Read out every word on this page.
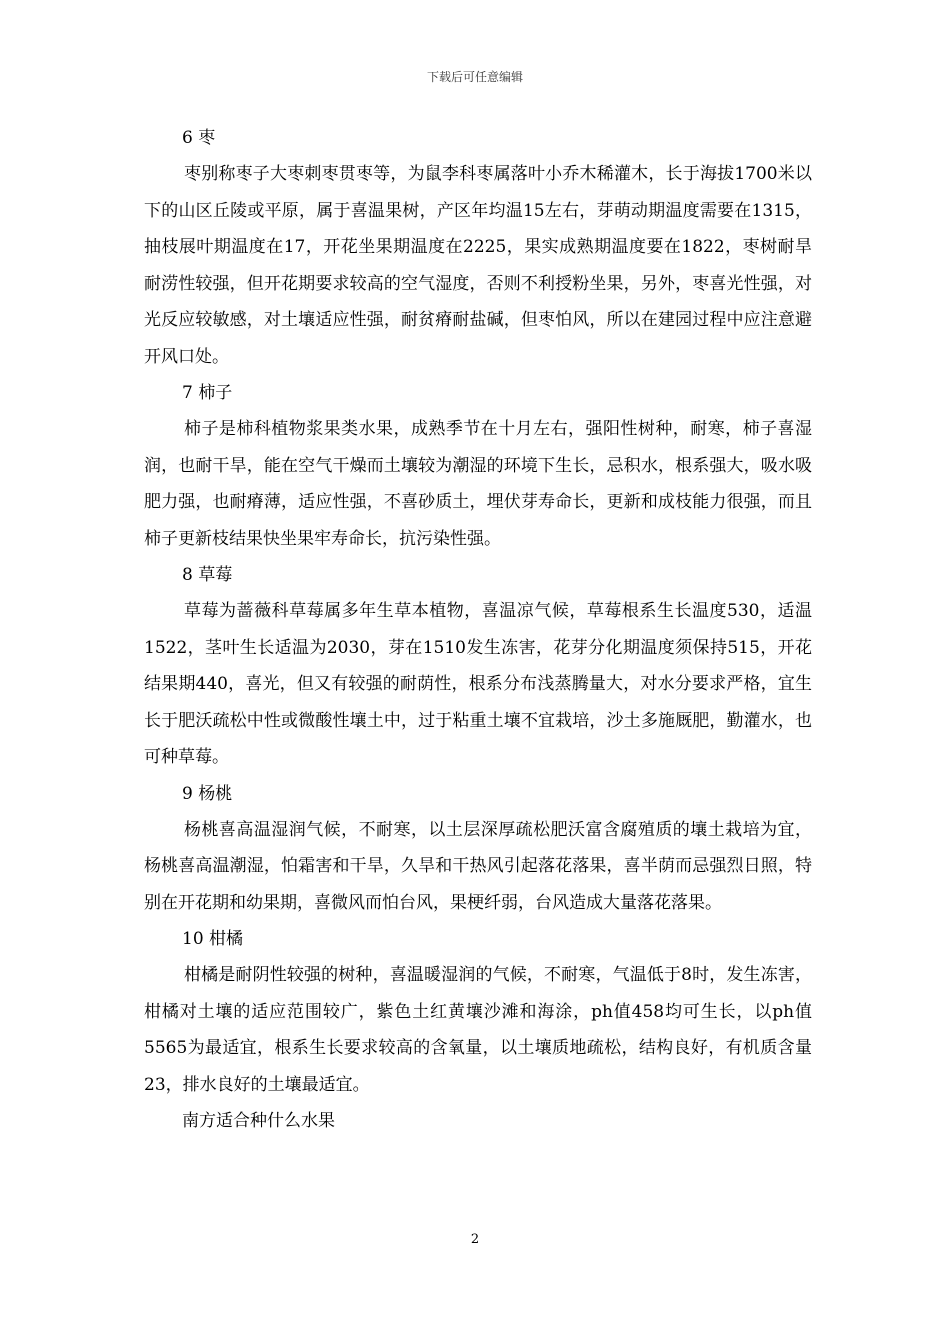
下载后可任意编辑
6 枣

枣别称枣子大枣刺枣贯枣等，为鼠李科枣属落叶小乔木稀灌木，长于海拔1700米以下的山区丘陵或平原，属于喜温果树，产区年均温15左右，芽萌动期温度需要在1315，抽枝展叶期温度在17，开花坐果期温度在2225，果实成熟期温度要在1822，枣树耐旱耐涝性较强，但开花期要求较高的空气湿度，否则不利授粉坐果，另外，枣喜光性强，对光反应较敏感，对土壤适应性强，耐贫瘠耐盐碱，但枣怕风，所以在建园过程中应注意避开风口处。

7 柿子

柿子是柿科植物浆果类水果，成熟季节在十月左右，强阳性树种，耐寒，柿子喜湿润，也耐干旱，能在空气干燥而土壤较为潮湿的环境下生长，忌积水，根系强大，吸水吸肥力强，也耐瘠薄，适应性强，不喜砂质土，埋伏芽寿命长，更新和成枝能力很强，而且柿子更新枝结果快坐果牢寿命长，抗污染性强。

8 草莓

草莓为蔷薇科草莓属多年生草本植物，喜温凉气候，草莓根系生长温度530，适温1522，茎叶生长适温为2030，芽在1510发生冻害，花芽分化期温度须保持515，开花结果期440，喜光，但又有较强的耐荫性，根系分布浅蒸腾量大，对水分要求严格，宜生长于肥沃疏松中性或微酸性壤土中，过于粘重土壤不宜栽培，沙土多施厩肥，勤灌水，也可种草莓。

9 杨桃

杨桃喜高温湿润气候，不耐寒，以土层深厚疏松肥沃富含腐殖质的壤土栽培为宜，杨桃喜高温潮湿，怕霜害和干旱，久旱和干热风引起落花落果，喜半荫而忌强烈日照，特别在开花期和幼果期，喜微风而怕台风，果梗纤弱，台风造成大量落花落果。

10 柑橘

柑橘是耐阴性较强的树种，喜温暖湿润的气候，不耐寒，气温低于8时，发生冻害，柑橘对土壤的适应范围较广，紫色土红黄壤沙滩和海涂，ph值458均可生长，以ph值5565为最适宜，根系生长要求较高的含氧量，以土壤质地疏松，结构良好，有机质含量23，排水良好的土壤最适宜。

南方适合种什么水果
2
